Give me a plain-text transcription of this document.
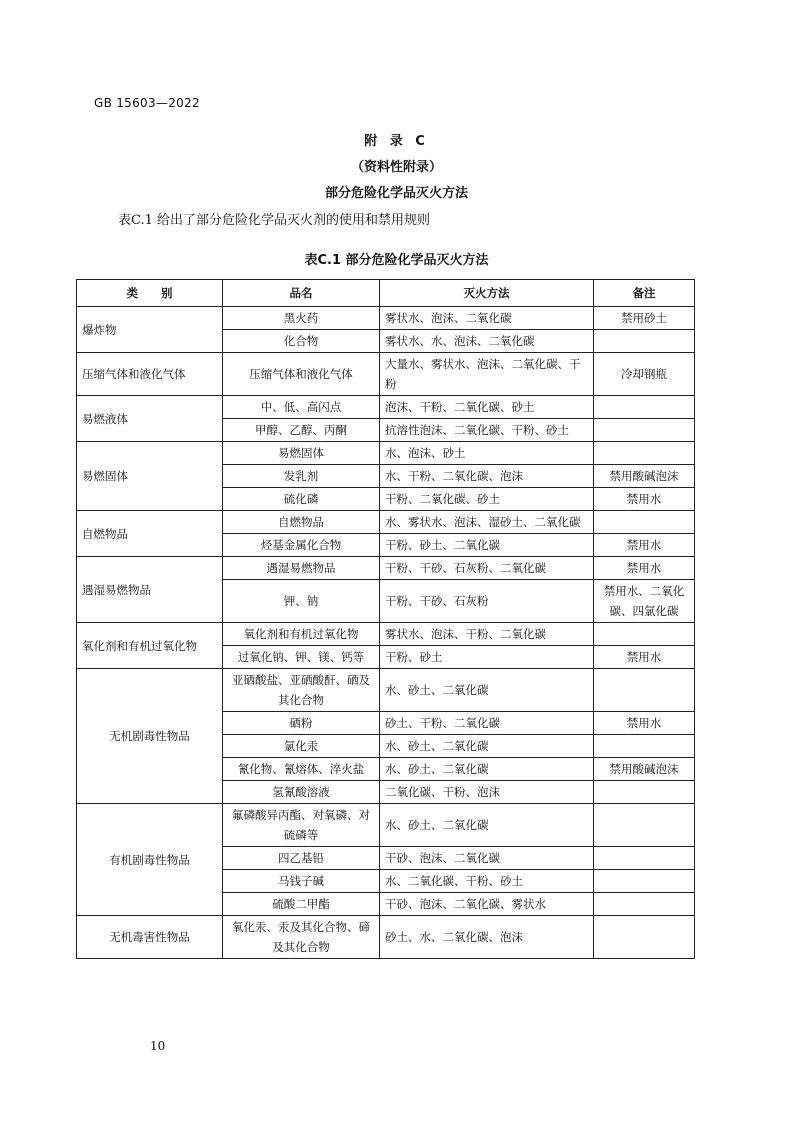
GB 15603—2022
附 录 C
（资料性附录）
部分危险化学品灭火方法
表C.1 给出了部分危险化学品灭火剂的使用和禁用规则
表C.1 部分危险化学品灭火方法
类　　别	品名	灭火方法	备注
爆炸物	黑火药	雾状水、泡沫、二氧化碳	禁用砂土
	化合物	雾状水、水、泡沫、二氧化碳	
压缩气体和液化气体	压缩气体和液化气体	大量水、雾状水、泡沫、二氧化碳、干粉	冷却钢瓶
易燃液体	中、低、高闪点	泡沫、干粉、二氧化碳、砂土	
	甲醇、乙醇、丙酮	抗溶性泡沫、二氧化碳、干粉、砂土	
易燃固体	易燃固体	水、泡沫、砂土	
	发乳剂	水、干粉、二氧化碳、泡沫	禁用酸碱泡沫
	硫化磷	干粉、二氧化碳、砂土	禁用水
自燃物品	自燃物品	水、雾状水、泡沫、湿砂土、二氧化碳	
	烃基金属化合物	干粉、砂土、二氧化碳	禁用水
遇湿易燃物品	遇湿易燃物品	干粉、干砂、石灰粉、二氧化碳	禁用水
	钾、钠	干粉、干砂、石灰粉	禁用水、二氧化碳、四氯化碳
氧化剂和有机过氧化物	氧化剂和有机过氧化物	雾状水、泡沫、干粉、二氧化碳	
	过氧化钠、钾、镁、钙等	干粉、砂土	禁用水
无机剧毒性物品	亚硒酸盐、亚硒酸酐、硒及其化合物	水、砂土、二氧化碳	
	硒粉	砂土、干粉、二氧化碳	禁用水
	氯化汞	水、砂土、二氧化碳	
	氰化物、氰熔体、淬火盐	水、砂土、二氧化碳	禁用酸碱泡沫
	氢氰酸溶液	二氧化碳、干粉、泡沫	
有机剧毒性物品	氟磷酸异丙酯、对氧磷、对硫磷等	水、砂土、二氧化碳	
	四乙基铅	干砂、泡沫、二氧化碳	
	马钱子碱	水、二氧化碳、干粉、砂土	
	硫酸二甲酯	干砂、泡沫、二氧化碳、雾状水	
无机毒害性物品	氧化汞、汞及其化合物、碲及其化合物	砂土、水、二氧化碳、泡沫	
10
